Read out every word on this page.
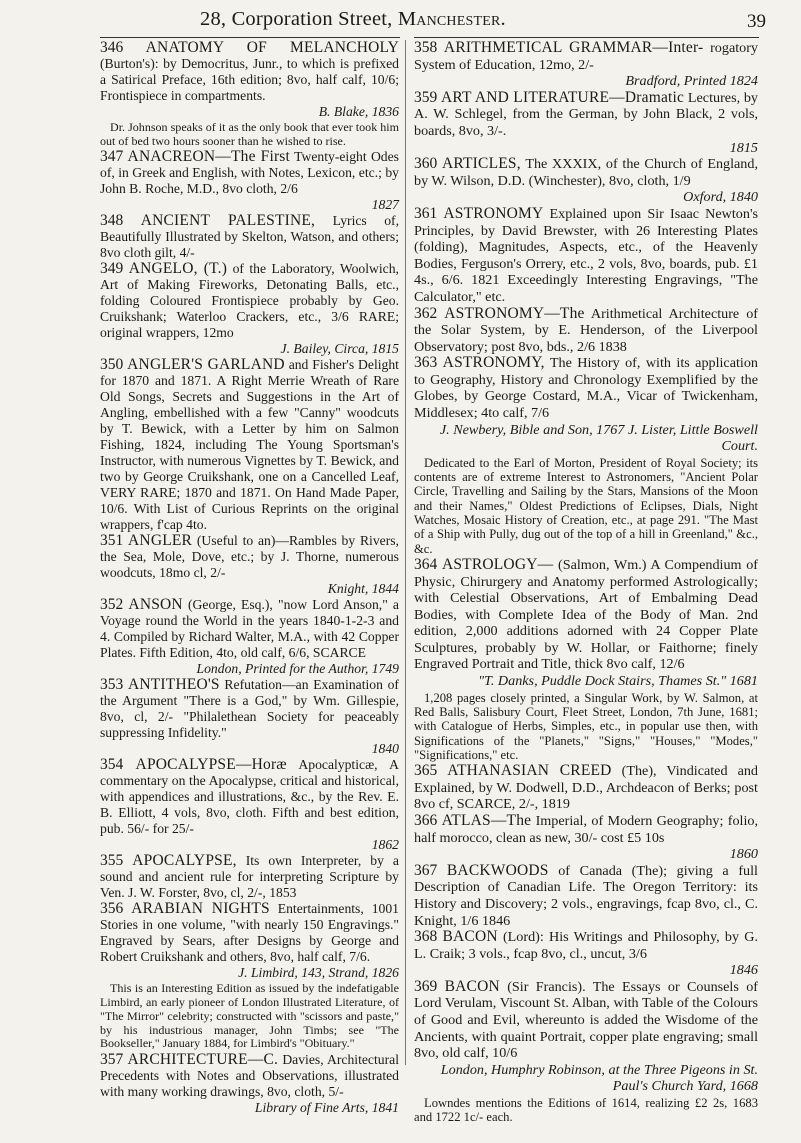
28, Corporation Street, Manchester.	39

346 ANATOMY OF MELANCHOLY (Burton's): by Democritus, Junr., to which is prefixed a Satirical Preface, 16th edition; 8vo, half calf, 10/6; Frontispiece in compartments.
B. Blake, 1836

Dr. Johnson speaks of it as the only book that ever took him out of bed two hours sooner than he wished to rise.

347 ANACREON—The First Twenty-eight Odes of, in Greek and English, with Notes, Lexicon, etc.; by John B. Roche, M.D., 8vo cloth, 2/6
1827

348 ANCIENT PALESTINE, Lyrics of, Beautifully Illustrated by Skelton, Watson, and others; 8vo cloth gilt, 4/-

349 ANGELO, (T.) of the Laboratory, Woolwich, Art of Making Fireworks, Detonating Balls, etc., folding Coloured Frontispiece probably by Geo. Cruikshank; Waterloo Crackers, etc., 3/6 RARE; original wrappers, 12mo
J. Bailey, Circa, 1815

350 ANGLER'S GARLAND and Fisher's Delight for 1870 and 1871. A Right Merrie Wreath of Rare Old Songs, Secrets and Suggestions in the Art of Angling, embellished with a few "Canny" woodcuts by T. Bewick, with a Letter by him on Salmon Fishing, 1824, including The Young Sportsman's Instructor, with numerous Vignettes by T. Bewick, and two by George Cruikshank, one on a Cancelled Leaf, VERY RARE; 1870 and 1871. On Hand Made Paper, 10/6. With List of Curious Reprints on the original wrappers, f'cap 4to.

351 ANGLER (Useful to an)—Rambles by Rivers, the Sea, Mole, Dove, etc.; by J. Thorne, numerous woodcuts, 18mo cl, 2/-
Knight, 1844

352 ANSON (George, Esq.), "now Lord Anson," a Voyage round the World in the years 1840-1-2-3 and 4. Compiled by Richard Walter, M.A., with 42 Copper Plates. Fifth Edition, 4to, old calf, 6/6, SCARCE
London, Printed for the Author, 1749

353 ANTITHEO'S Refutation—an Examination of the Argument "There is a God," by Wm. Gillespie, 8vo, cl, 2/- "Philalethean Society for peaceably suppressing Infidelity."
1840

354 APOCALYPSE—Horæ Apocalypticæ, A commentary on the Apocalypse, critical and historical, with appendices and illustrations, &c., by the Rev. E. B. Elliott, 4 vols, 8vo, cloth. Fifth and best edition, pub. 56/- for 25/-
1862

355 APOCALYPSE, Its own Interpreter, by a sound and ancient rule for interpreting Scripture by Ven. J. W. Forster, 8vo, cl, 2/-, 1853

356 ARABIAN NIGHTS Entertainments, 1001 Stories in one volume, "with nearly 150 Engravings." Engraved by Sears, after Designs by George and Robert Cruikshank and others, 8vo, half calf, 7/6.
J. Limbird, 143, Strand, 1826

This is an Interesting Edition as issued by the indefatigable Limbird, an early pioneer of London Illustrated Literature, of "The Mirror" celebrity; constructed with "scissors and paste," by his industrious manager, John Timbs; see "The Bookseller," January 1884, for Limbird's "Obituary."

357 ARCHITECTURE—C. Davies, Architectural Precedents with Notes and Observations, illustrated with many working drawings, 8vo, cloth, 5/-
Library of Fine Arts, 1841

358 ARITHMETICAL GRAMMAR—Inter- rogatory System of Education, 12mo, 2/-
Bradford, Printed 1824

359 ART AND LITERATURE—Dramatic Lectures, by A. W. Schlegel, from the German, by John Black, 2 vols, boards, 8vo, 3/-.
1815

360 ARTICLES, The XXXIX, of the Church of England, by W. Wilson, D.D. (Winchester), 8vo, cloth, 1/9
Oxford, 1840

361 ASTRONOMY Explained upon Sir Isaac Newton's Principles, by David Brewster, with 26 Interesting Plates (folding), Magnitudes, Aspects, etc., of the Heavenly Bodies, Ferguson's Orrery, etc., 2 vols, 8vo, boards, pub. £1 4s., 6/6. 1821 Exceedingly Interesting Engravings, "The Calculator," etc.

362 ASTRONOMY—The Arithmetical Architecture of the Solar System, by E. Henderson, of the Liverpool Observatory; post 8vo, bds., 2/6 1838

363 ASTRONOMY, The History of, with its application to Geography, History and Chronology Exemplified by the Globes, by George Costard, M.A., Vicar of Twickenham, Middlesex; 4to calf, 7/6
J. Newbery, Bible and Son, 1767 J. Lister, Little Boswell Court.

Dedicated to the Earl of Morton, President of Royal Society; its contents are of extreme Interest to Astronomers, "Ancient Polar Circle, Travelling and Sailing by the Stars, Mansions of the Moon and their Names," Oldest Predictions of Eclipses, Dials, Night Watches, Mosaic History of Creation, etc., at page 291. "The Mast of a Ship with Pully, dug out of the top of a hill in Greenland," &c., &c.

364 ASTROLOGY— (Salmon, Wm.) A Compendium of Physic, Chirurgery and Anatomy performed Astrologically; with Celestial Observations, Art of Embalming Dead Bodies, with Complete Idea of the Body of Man. 2nd edition, 2,000 additions adorned with 24 Copper Plate Sculptures, probably by W. Hollar, or Faithorne; finely Engraved Portrait and Title, thick 8vo calf, 12/6
"T. Danks, Puddle Dock Stairs, Thames St." 1681

1,208 pages closely printed, a Singular Work, by W. Salmon, at Red Balls, Salisbury Court, Fleet Street, London, 7th June, 1681; with Catalogue of Herbs, Simples, etc., in popular use then, with Significations of the "Planets," "Signs," "Houses," "Modes," "Significations," etc.

365 ATHANASIAN CREED (The), Vindicated and Explained, by W. Dodwell, D.D., Archdeacon of Berks; post 8vo cf, SCARCE, 2/-, 1819

366 ATLAS—The Imperial, of Modern Geography; folio, half morocco, clean as new, 30/- cost £5 10s
1860

367 BACKWOODS of Canada (The); giving a full Description of Canadian Life. The Oregon Territory: its History and Discovery; 2 vols., engravings, fcap 8vo, cl., C. Knight, 1/6 1846

368 BACON (Lord): His Writings and Philosophy, by G. L. Craik; 3 vols., fcap 8vo, cl., uncut, 3/6
1846

369 BACON (Sir Francis). The Essays or Counsels of Lord Verulam, Viscount St. Alban, with Table of the Colours of Good and Evil, whereunto is added the Wisdome of the Ancients, with quaint Portrait, copper plate engraving; small 8vo, old calf, 10/6
London, Humphry Robinson, at the Three Pigeons in St. Paul's Church Yard, 1668

Lowndes mentions the Editions of 1614, realizing £2 2s, 1683 and 1722 1c/- each.
